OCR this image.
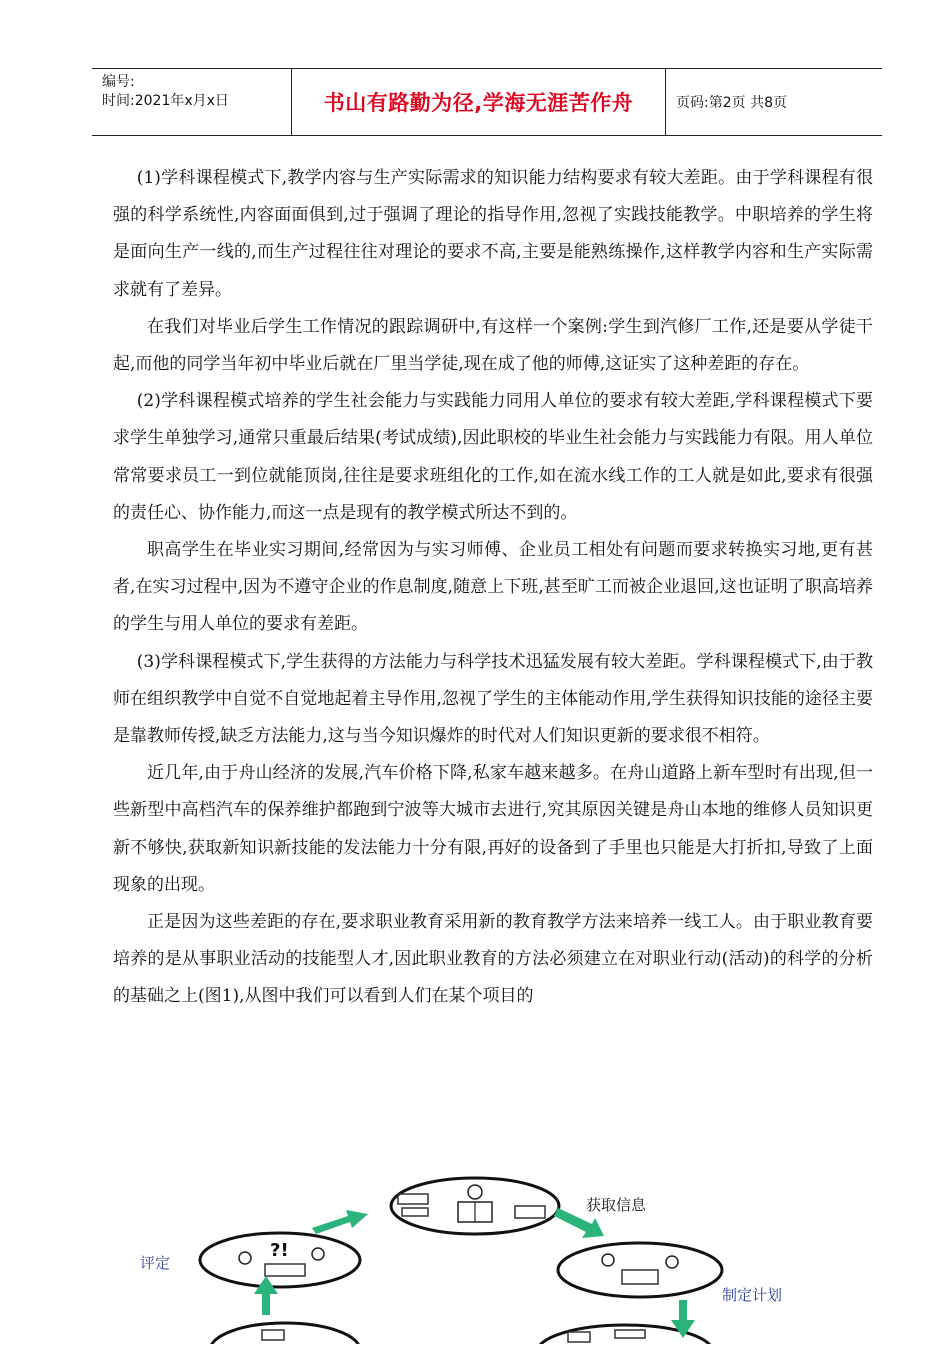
编号:
时间:2021年x月x日	书山有路勤为径,学海无涯苦作舟	页码:第2页 共8页

(1)学科课程模式下,教学内容与生产实际需求的知识能力结构要求有较大差距。由于学科课程有很强的科学系统性,内容面面俱到,过于强调了理论的指导作用,忽视了实践技能教学。中职培养的学生将是面向生产一线的,而生产过程往往对理论的要求不高,主要是能熟练操作,这样教学内容和生产实际需求就有了差异。

在我们对毕业后学生工作情况的跟踪调研中,有这样一个案例:学生到汽修厂工作,还是要从学徒干起,而他的同学当年初中毕业后就在厂里当学徒,现在成了他的师傅,这证实了这种差距的存在。

(2)学科课程模式培养的学生社会能力与实践能力同用人单位的要求有较大差距,学科课程模式下要求学生单独学习,通常只重最后结果(考试成绩),因此职校的毕业生社会能力与实践能力有限。用人单位常常要求员工一到位就能顶岗,往往是要求班组化的工作,如在流水线工作的工人就是如此,要求有很强的责任心、协作能力,而这一点是现有的教学模式所达不到的。

职高学生在毕业实习期间,经常因为与实习师傅、企业员工相处有问题而要求转换实习地,更有甚者,在实习过程中,因为不遵守企业的作息制度,随意上下班,甚至旷工而被企业退回,这也证明了职高培养的学生与用人单位的要求有差距。

(3)学科课程模式下,学生获得的方法能力与科学技术迅猛发展有较大差距。学科课程模式下,由于教师在组织教学中自觉不自觉地起着主导作用,忽视了学生的主体能动作用,学生获得知识技能的途径主要是靠教师传授,缺乏方法能力,这与当今知识爆炸的时代对人们知识更新的要求很不相符。

近几年,由于舟山经济的发展,汽车价格下降,私家车越来越多。在舟山道路上新车型时有出现,但一些新型中高档汽车的保养维护都跑到宁波等大城市去进行,究其原因关键是舟山本地的维修人员知识更新不够快,获取新知识新技能的发法能力十分有限,再好的设备到了手里也只能是大打折扣,导致了上面现象的出现。

正是因为这些差距的存在,要求职业教育采用新的教育教学方法来培养一线工人。由于职业教育要培养的是从事职业活动的技能型人才,因此职业教育的方法必须建立在对职业行动(活动)的科学的分析的基础之上(图1),从图中我们可以看到人们在某个项目的

?!
获取信息
评定
制定计划
